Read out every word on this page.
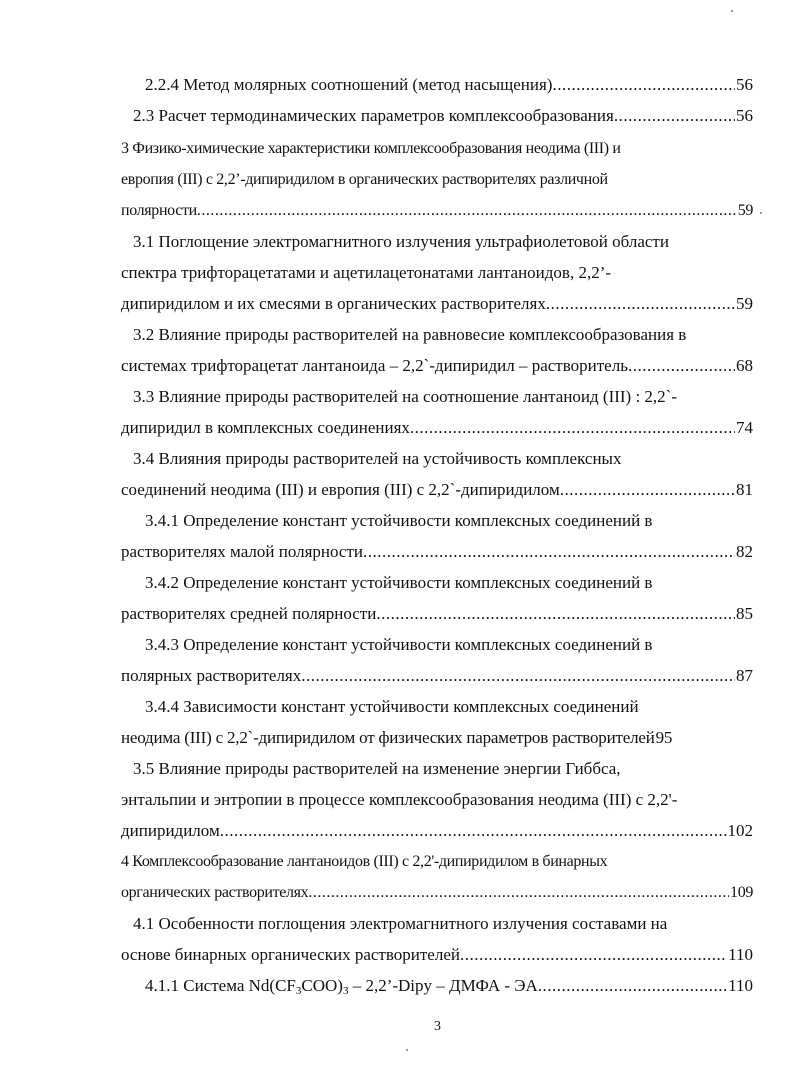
2.2.4 Метод молярных соотношений (метод насыщения) .....	56
2.3 Расчет термодинамических параметров комплексообразования .....	56
3 Физико-химические характеристики комплексообразования неодима (III) и
европия (III) с 2,2’-дипиридилом в органических растворителях различной
полярности .....	59
3.1 Поглощение электромагнитного излучения ультрафиолетовой области
спектра трифторацетатами и ацетилацетонатами лантаноидов, 2,2’-
дипиридилом и их смесями в органических растворителях .....	59
3.2 Влияние природы растворителей на равновесие комплексообразования в
системах трифторацетат лантаноида – 2,2`-дипиридил – растворитель .....	68
3.3 Влияние природы растворителей на соотношение лантаноид (III) : 2,2`-
дипиридил в комплексных соединениях .....	74
3.4 Влияния природы растворителей на устойчивость комплексных
соединений неодима (III) и европия (III) с 2,2`-дипиридилом .....	81
3.4.1 Определение констант устойчивости комплексных соединений в
растворителях малой полярности .....	82
3.4.2 Определение констант устойчивости комплексных соединений в
растворителях средней полярности .....	85
3.4.3 Определение констант устойчивости комплексных соединений в
полярных растворителях .....	87
3.4.4 Зависимости констант устойчивости комплексных соединений
неодима (III) с 2,2`-дипиридилом от физических параметров растворителей 95
3.5 Влияние природы растворителей на изменение энергии Гиббса,
энтальпии и энтропии в процессе комплексообразования неодима (III) с 2,2'-
дипиридилом .....	102
4 Комплексообразование лантаноидов (III) с 2,2'-дипиридилом в бинарных
органических растворителях .....	109
4.1 Особенности поглощения электромагнитного излучения составами на
основе бинарных органических растворителей .....	110
4.1.1 Система $Nd(CF_3COO)_3$ – 2,2’-Dipy – ДМФА - ЭА .....	110
3
